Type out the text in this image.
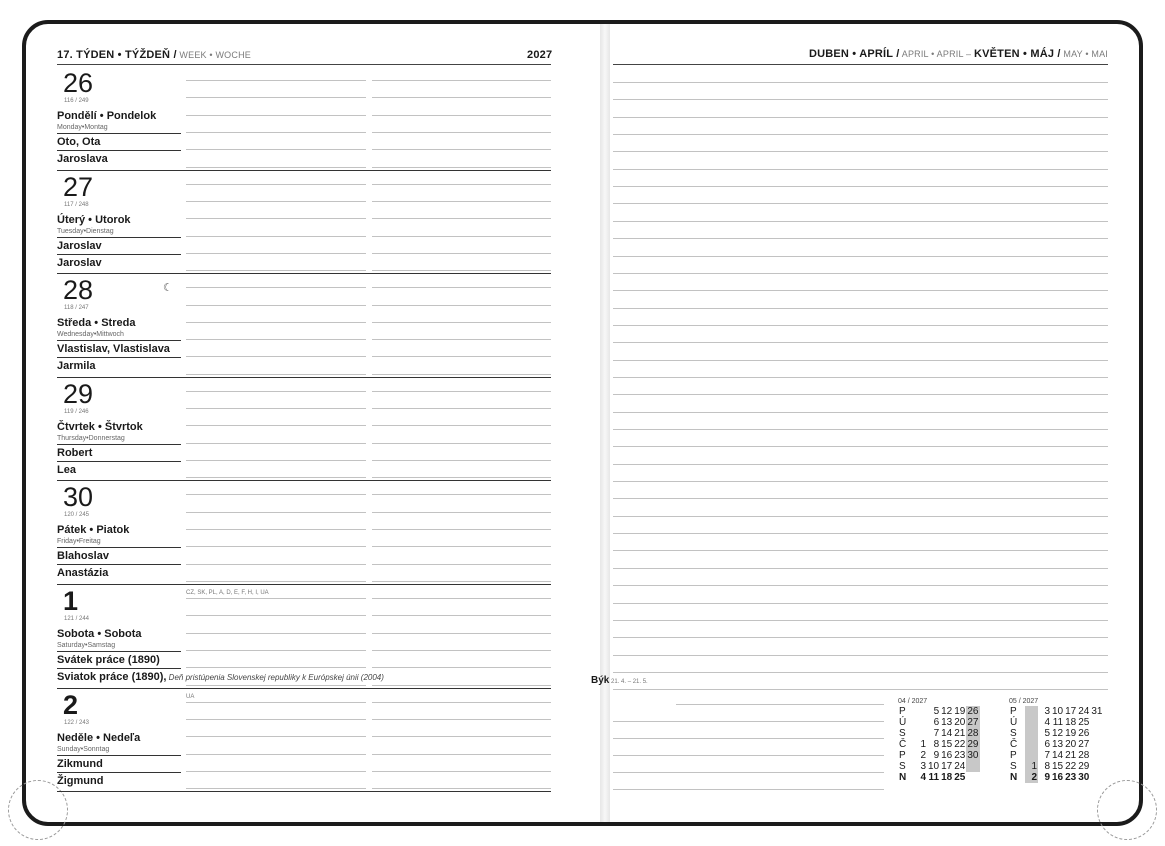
17. TÝDEN • TÝŽDEŇ / WEEK • WOCHE	2027	DUBEN • APRÍL / APRIL • APRIL – KVĚTEN • MÁJ / MAY • MAI
26
116 / 249
Pondělí • Pondelok
Monday•Montag
Oto, Ota
Jaroslava
27
117 / 248
Úterý • Utorok
Tuesday•Dienstag
Jaroslav
Jaroslav
28
118 / 247
☾
Středa • Streda
Wednesday•Mittwoch
Vlastislav, Vlastislava
Jarmila
29
119 / 246
Čtvrtek • Štvrtok
Thursday•Donnerstag
Robert
Lea
30
120 / 245
Pátek • Piatok
Friday•Freitag
Blahoslav
Anastázia
1
121 / 244
CZ, SK, PL, A, D, E, F, H, I, UA
Sobota • Sobota
Saturday•Samstag
Svátek práce (1890)
Sviatok práce (1890), Deň pristúpenia Slovenskej republiky k Európskej únii (2004)
2
122 / 243
UA
Neděle • Nedeľa
Sunday•Sonntag
Zikmund
Žigmund
Býk 21. 4. – 21. 5.
04 / 2027
P		5	12	19	26
Ú		6	13	20	27
S		7	14	21	28
Č	1	8	15	22	29
P	2	9	16	23	30
S	3	10	17	24	
N	4	11	18	25	
05 / 2027
P		3	10	17	24	31
Ú		4	11	18	25	
S		5	12	19	26	
Č		6	13	20	27	
P		7	14	21	28	
S	1	8	15	22	29	
N	2	9	16	23	30	
